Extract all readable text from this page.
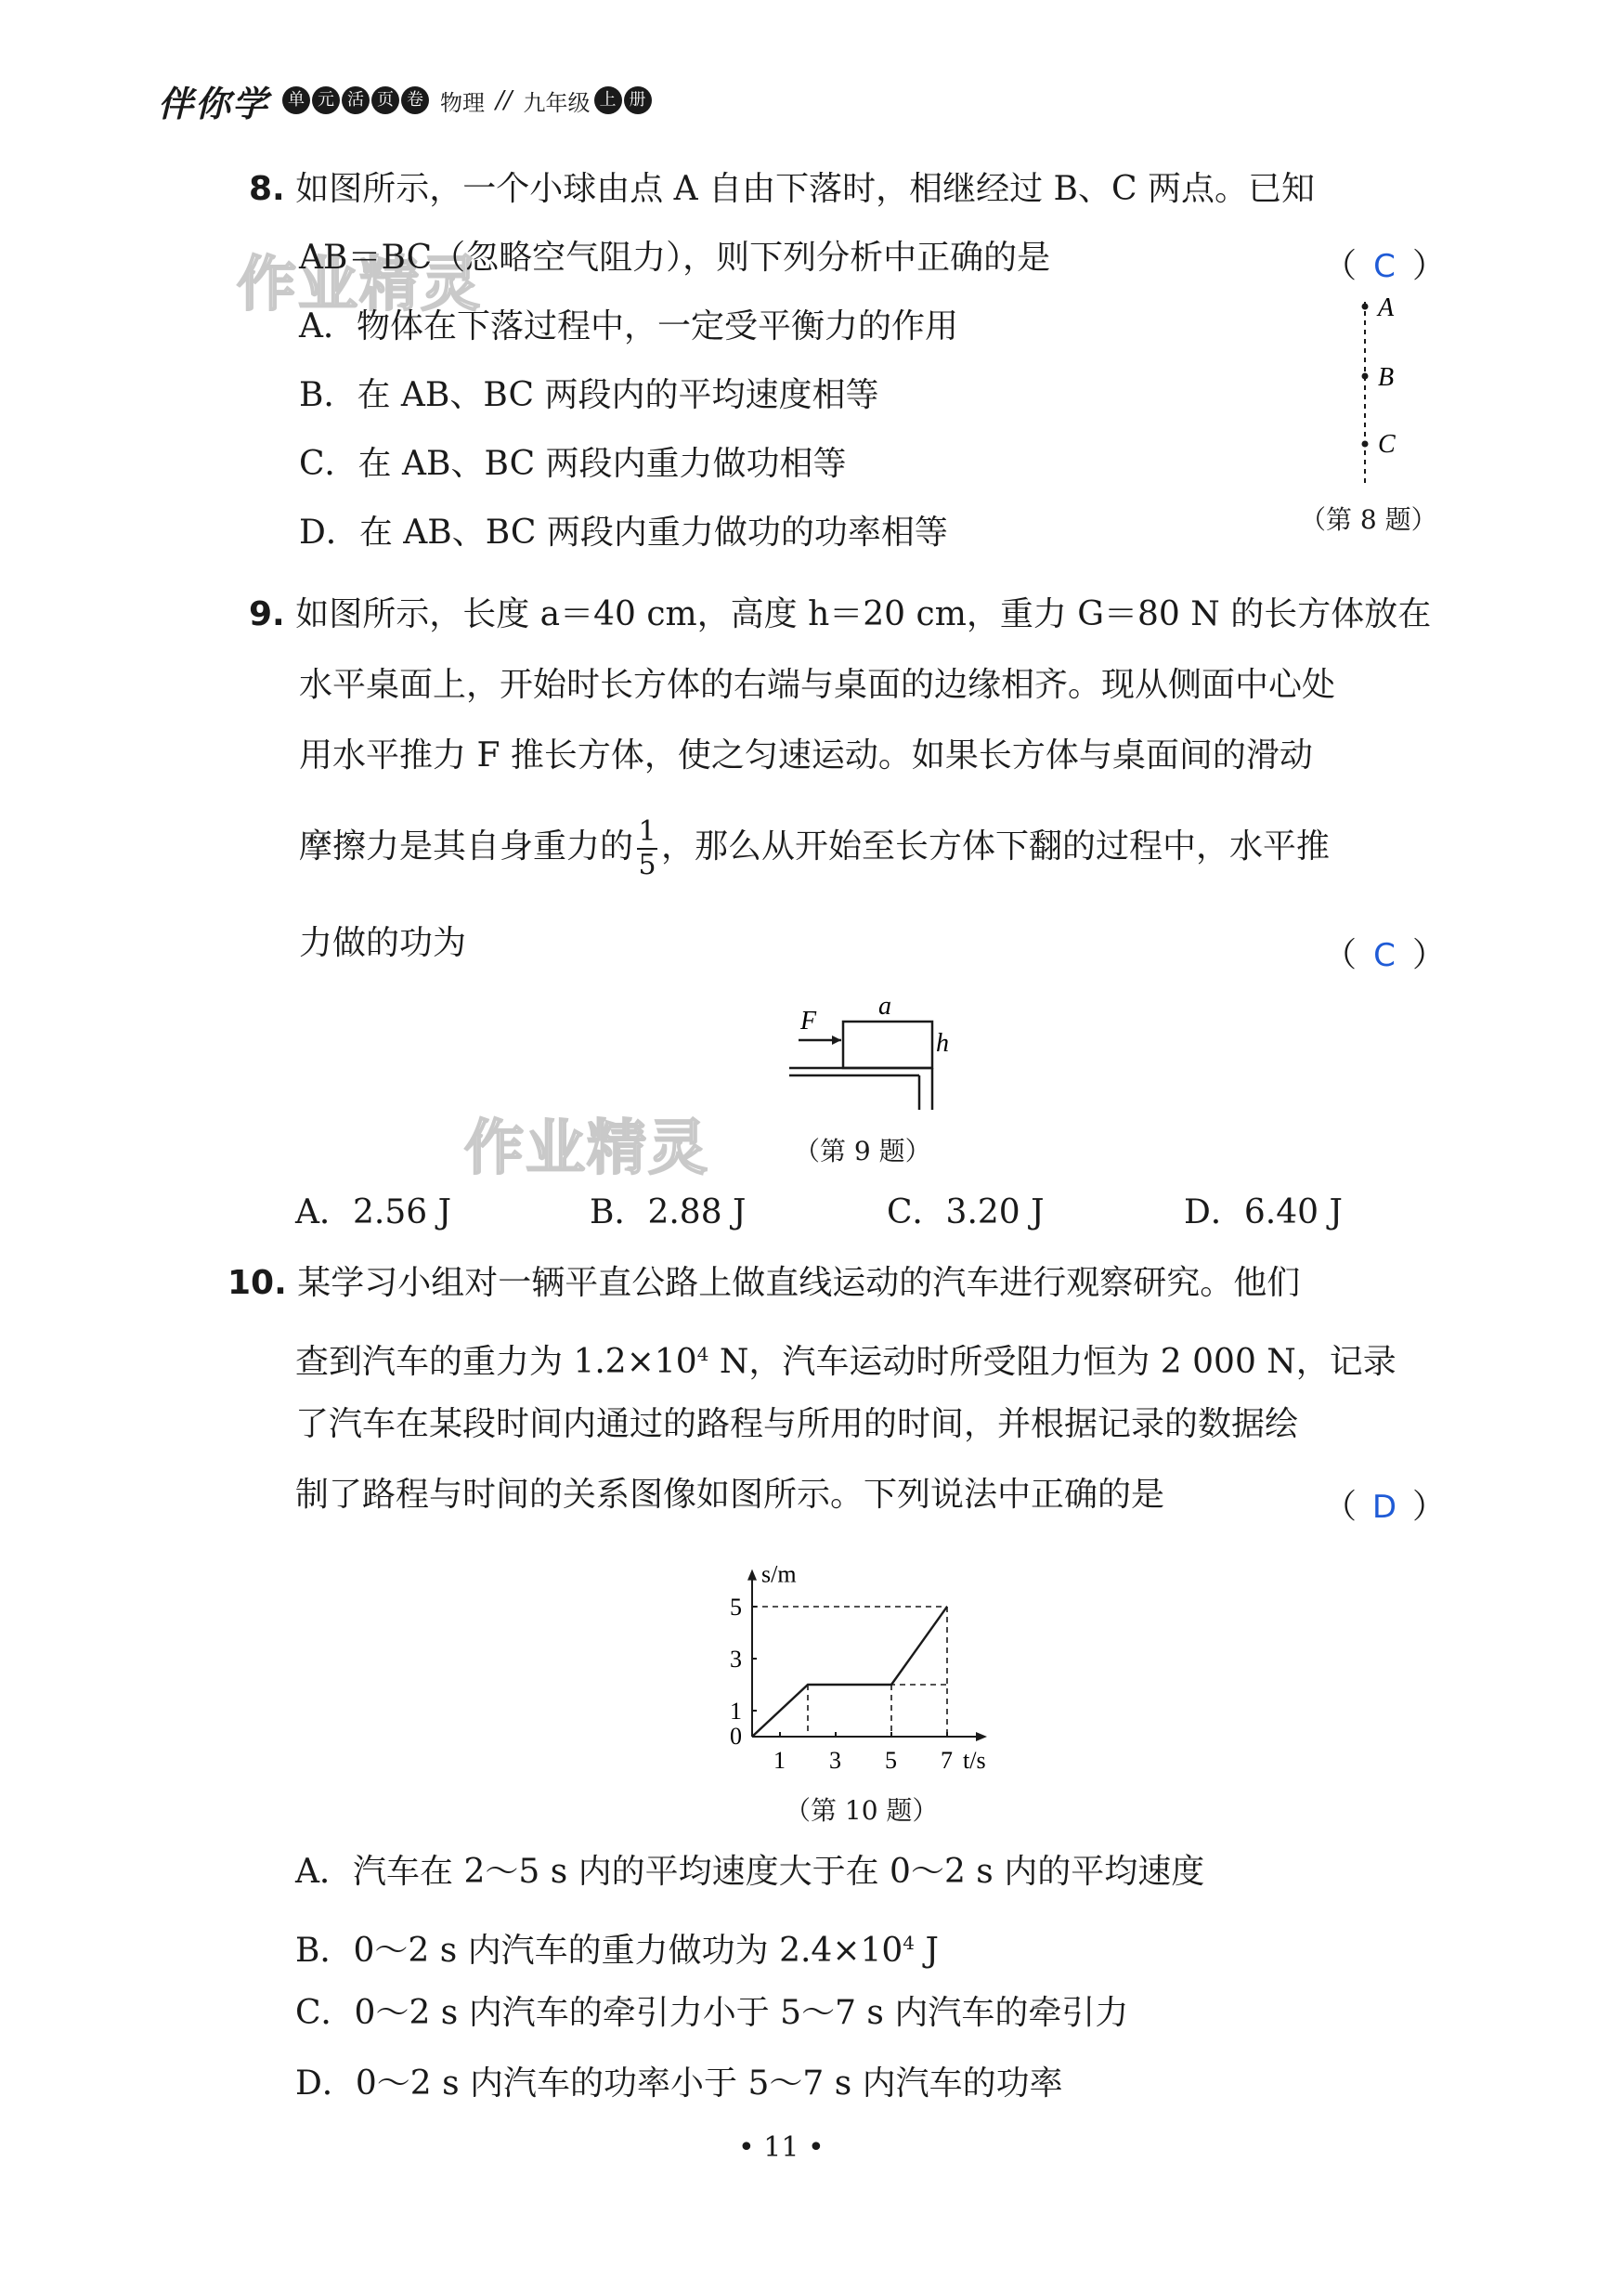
伴你学	单 元 活 页 卷 物理 // 九年级 上 册
作业精灵
作业精灵
8. 如图所示，一个小球由点 A 自由下落时，相继经过 B、C 两点。已知
AB＝BC（忽略空气阻力），则下列分析中正确的是	（ C ）
A．物体在下落过程中，一定受平衡力的作用
B．在 AB、BC 两段内的平均速度相等
C．在 AB、BC 两段内重力做功相等
D．在 AB、BC 两段内重力做功的功率相等
A
B
C
（第 8 题）
9. 如图所示，长度 a＝40 cm，高度 h＝20 cm，重力 G＝80 N 的长方体放在
水平桌面上，开始时长方体的右端与桌面的边缘相齐。现从侧面中心处
用水平推力 F 推长方体，使之匀速运动。如果长方体与桌面间的滑动
摩擦力是其自身重力的 $\frac{1}{5}$ ，那么从开始至长方体下翻的过程中，水平推
力做的功为	（ C ）
F
a
h
（第 9 题）
A．2.56 J	B．2.88 J	C．3.20 J	D．6.40 J
10. 某学习小组对一辆平直公路上做直线运动的汽车进行观察研究。他们
查到汽车的重力为 $1.2\times 10^4$ N，汽车运动时所受阻力恒为 2 000 N，记录
了汽车在某段时间内通过的路程与所用的时间，并根据记录的数据绘
制了路程与时间的关系图像如图所示。下列说法中正确的是	（ D ）
s/m
t/s
0
1 3 5 7
1
3
5
（第 10 题）
A．汽车在 2～5 s 内的平均速度大于在 0～2 s 内的平均速度
B．0～2 s 内汽车的重力做功为 $2.4\times 10^4$ J
C．0～2 s 内汽车的牵引力小于 5～7 s 内汽车的牵引力
D．0～2 s 内汽车的功率小于 5～7 s 内汽车的功率
• 11 •
